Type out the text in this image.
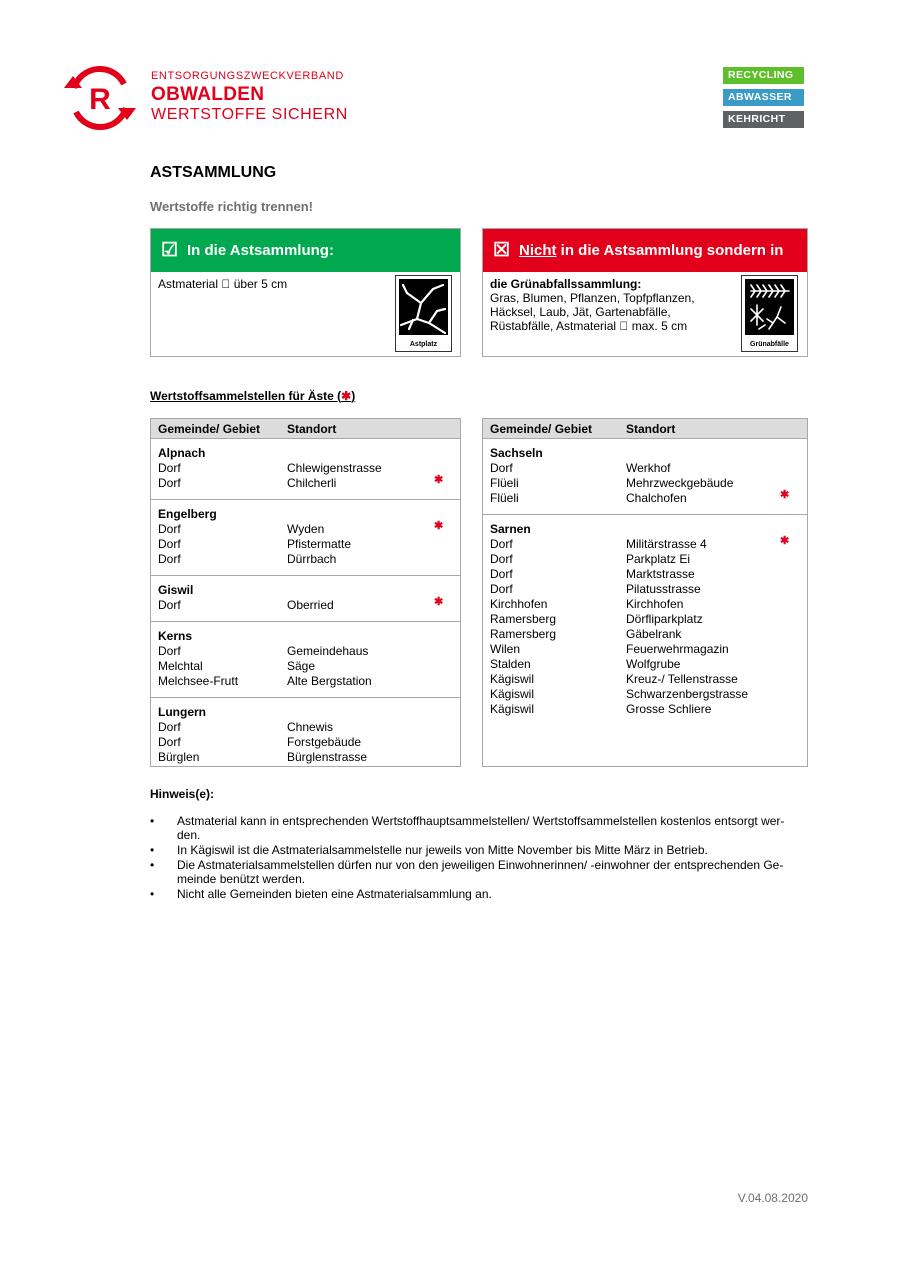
R
ENTSORGUNGSZWECKVERBAND
OBWALDEN
WERTSTOFFE SICHERN
RECYCLING
ABWASSER
KEHRICHT
ASTSAMMLUNG
Wertstoffe richtig trennen!
☑ In die Astsammlung:
Astmaterial über 5 cm
Astplatz
☒ Nicht in die Astsammlung sondern in
die Grünabfallssammlung:
Gras, Blumen, Pflanzen, Topfpflanzen,
Häcksel, Laub, Jät, Gartenabfälle,
Rüstabfälle, Astmaterial max. 5 cm
Grünabfälle
Wertstoffsammelstellen für Äste (✱)
Gemeinde/ Gebiet Standort
Alpnach
Dorf	Chlewigenstrasse
Dorf	Chilcherli	✱
Engelberg
Dorf	Wyden	✱
Dorf	Pfistermatte
Dorf	Dürrbach
Giswil
Dorf	Oberried	✱
Kerns
Dorf	Gemeindehaus
Melchtal	Säge
Melchsee-Frutt	Alte Bergstation
Lungern
Dorf	Chnewis
Dorf	Forstgebäude
Bürglen	Bürglenstrasse
Gemeinde/ Gebiet	Standort
Sachseln
Dorf	Werkhof
Flüeli	Mehrzweckgebäude
Flüeli	Chalchofen	✱
Sarnen
Dorf	Militärstrasse 4	✱
Dorf	Parkplatz Ei
Dorf	Marktstrasse
Dorf	Pilatusstrasse
Kirchhofen	Kirchhofen
Ramersberg	Dörfliparkplatz
Ramersberg	Gäbelrank
Wilen	Feuerwehrmagazin
Stalden	Wolfgrube
Kägiswil	Kreuz-/ Tellenstrasse
Kägiswil	Schwarzenbergstrasse
Kägiswil	Grosse Schliere
Hinweis(e):
• Astmaterial kann in entsprechenden Wertstoffhauptsammelstellen/ Wertstoffsammelstellen kostenlos entsorgt wer-den.
• In Kägiswil ist die Astmaterialsammelstelle nur jeweils von Mitte November bis Mitte März in Betrieb.
• Die Astmaterialsammelstellen dürfen nur von den jeweiligen Einwohnerinnen/ -einwohner der entsprechenden Ge-meinde benützt werden.
• Nicht alle Gemeinden bieten eine Astmaterialsammlung an.
V.04.08.2020
